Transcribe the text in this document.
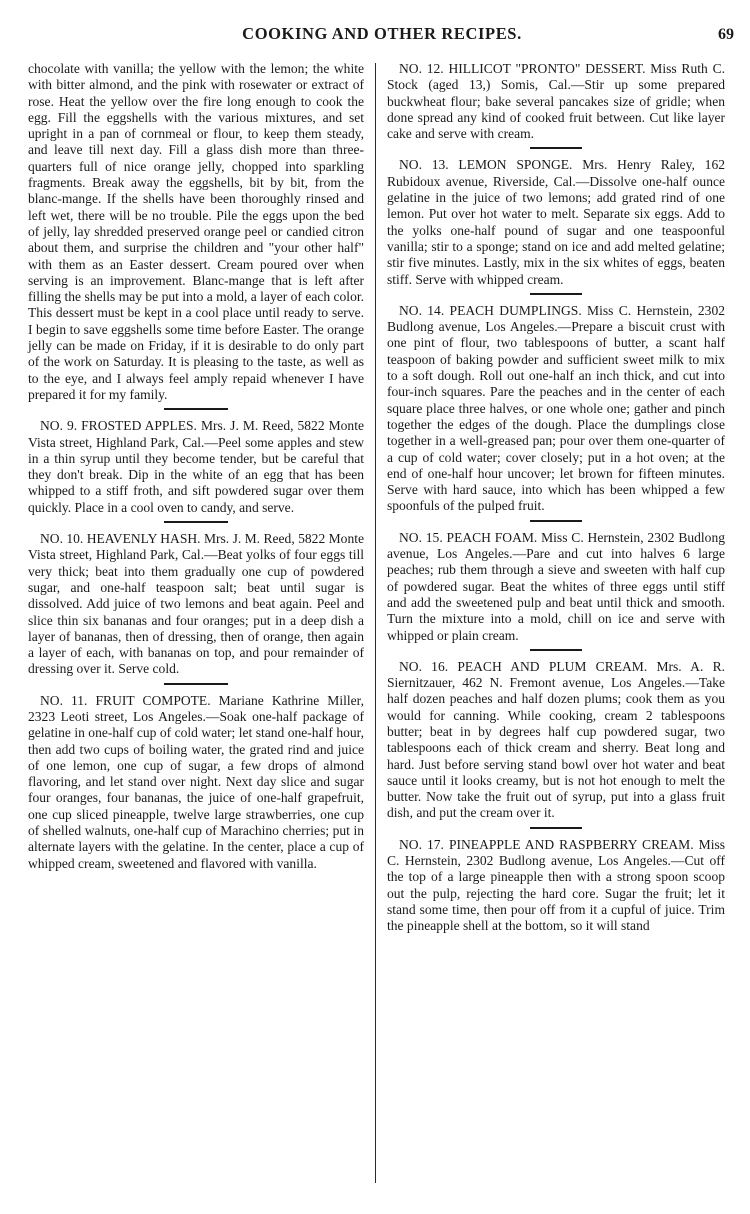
COOKING AND OTHER RECIPES.	69

chocolate with vanilla; the yellow with the lemon; the white with bitter almond, and the pink with rosewater or extract of rose. Heat the yellow over the fire long enough to cook the egg. Fill the eggshells with the various mixtures, and set upright in a pan of cornmeal or flour, to keep them steady, and leave till next day. Fill a glass dish more than three-quarters full of nice orange jelly, chopped into sparkling fragments. Break away the eggshells, bit by bit, from the blanc-mange. If the shells have been thoroughly rinsed and left wet, there will be no trouble. Pile the eggs upon the bed of jelly, lay shredded preserved orange peel or candied citron about them, and surprise the children and "your other half" with them as an Easter dessert. Cream poured over when serving is an improvement. Blanc-mange that is left after filling the shells may be put into a mold, a layer of each color. This dessert must be kept in a cool place until ready to serve. I begin to save eggshells some time before Easter. The orange jelly can be made on Friday, if it is desirable to do only part of the work on Saturday. It is pleasing to the taste, as well as to the eye, and I always feel amply repaid whenever I have prepared it for my family.

NO. 9. FROSTED APPLES. Mrs. J. M. Reed, 5822 Monte Vista street, Highland Park, Cal.—Peel some apples and stew in a thin syrup until they become tender, but be careful that they don't break. Dip in the white of an egg that has been whipped to a stiff froth, and sift powdered sugar over them quickly. Place in a cool oven to candy, and serve.

NO. 10. HEAVENLY HASH. Mrs. J. M. Reed, 5822 Monte Vista street, Highland Park, Cal.—Beat yolks of four eggs till very thick; beat into them gradually one cup of powdered sugar, and one-half teaspoon salt; beat until sugar is dissolved. Add juice of two lemons and beat again. Peel and slice thin six bananas and four oranges; put in a deep dish a layer of bananas, then of dressing, then of orange, then again a layer of each, with bananas on top, and pour remainder of dressing over it. Serve cold.

NO. 11. FRUIT COMPOTE. Mariane Kathrine Miller, 2323 Leoti street, Los Angeles.—Soak one-half package of gelatine in one-half cup of cold water; let stand one-half hour, then add two cups of boiling water, the grated rind and juice of one lemon, one cup of sugar, a few drops of almond flavoring, and let stand over night. Next day slice and sugar four oranges, four bananas, the juice of one-half grapefruit, one cup sliced pineapple, twelve large strawberries, one cup of shelled walnuts, one-half cup of Marachino cherries; put in alternate layers with the gelatine. In the center, place a cup of whipped cream, sweetened and flavored with vanilla.

NO. 12. HILLICOT "PRONTO" DESSERT. Miss Ruth C. Stock (aged 13,) Somis, Cal.—Stir up some prepared buckwheat flour; bake several pancakes size of gridle; when done spread any kind of cooked fruit between. Cut like layer cake and serve with cream.

NO. 13. LEMON SPONGE. Mrs. Henry Raley, 162 Rubidoux avenue, Riverside, Cal.—Dissolve one-half ounce gelatine in the juice of two lemons; add grated rind of one lemon. Put over hot water to melt. Separate six eggs. Add to the yolks one-half pound of sugar and one teaspoonful vanilla; stir to a sponge; stand on ice and add melted gelatine; stir five minutes. Lastly, mix in the six whites of eggs, beaten stiff. Serve with whipped cream.

NO. 14. PEACH DUMPLINGS. Miss C. Hernstein, 2302 Budlong avenue, Los Angeles.—Prepare a biscuit crust with one pint of flour, two tablespoons of butter, a scant half teaspoon of baking powder and sufficient sweet milk to mix to a soft dough. Roll out one-half an inch thick, and cut into four-inch squares. Pare the peaches and in the center of each square place three halves, or one whole one; gather and pinch together the edges of the dough. Place the dumplings close together in a well-greased pan; pour over them one-quarter of a cup of cold water; cover closely; put in a hot oven; at the end of one-half hour uncover; let brown for fifteen minutes. Serve with hard sauce, into which has been whipped a few spoonfuls of the pulped fruit.

NO. 15. PEACH FOAM. Miss C. Hernstein, 2302 Budlong avenue, Los Angeles.—Pare and cut into halves 6 large peaches; rub them through a sieve and sweeten with half cup of powdered sugar. Beat the whites of three eggs until stiff and add the sweetened pulp and beat until thick and smooth. Turn the mixture into a mold, chill on ice and serve with whipped or plain cream.

NO. 16. PEACH AND PLUM CREAM. Mrs. A. R. Siernitzauer, 462 N. Fremont avenue, Los Angeles.—Take half dozen peaches and half dozen plums; cook them as you would for canning. While cooking, cream 2 tablespoons butter; beat in by degrees half cup powdered sugar, two tablespoons each of thick cream and sherry. Beat long and hard. Just before serving stand bowl over hot water and beat sauce until it looks creamy, but is not hot enough to melt the butter. Now take the fruit out of syrup, put into a glass fruit dish, and put the cream over it.

NO. 17. PINEAPPLE AND RASPBERRY CREAM. Miss C. Hernstein, 2302 Budlong avenue, Los Angeles.—Cut off the top of a large pineapple then with a strong spoon scoop out the pulp, rejecting the hard core. Sugar the fruit; let it stand some time, then pour off from it a cupful of juice. Trim the pineapple shell at the bottom, so it will stand
